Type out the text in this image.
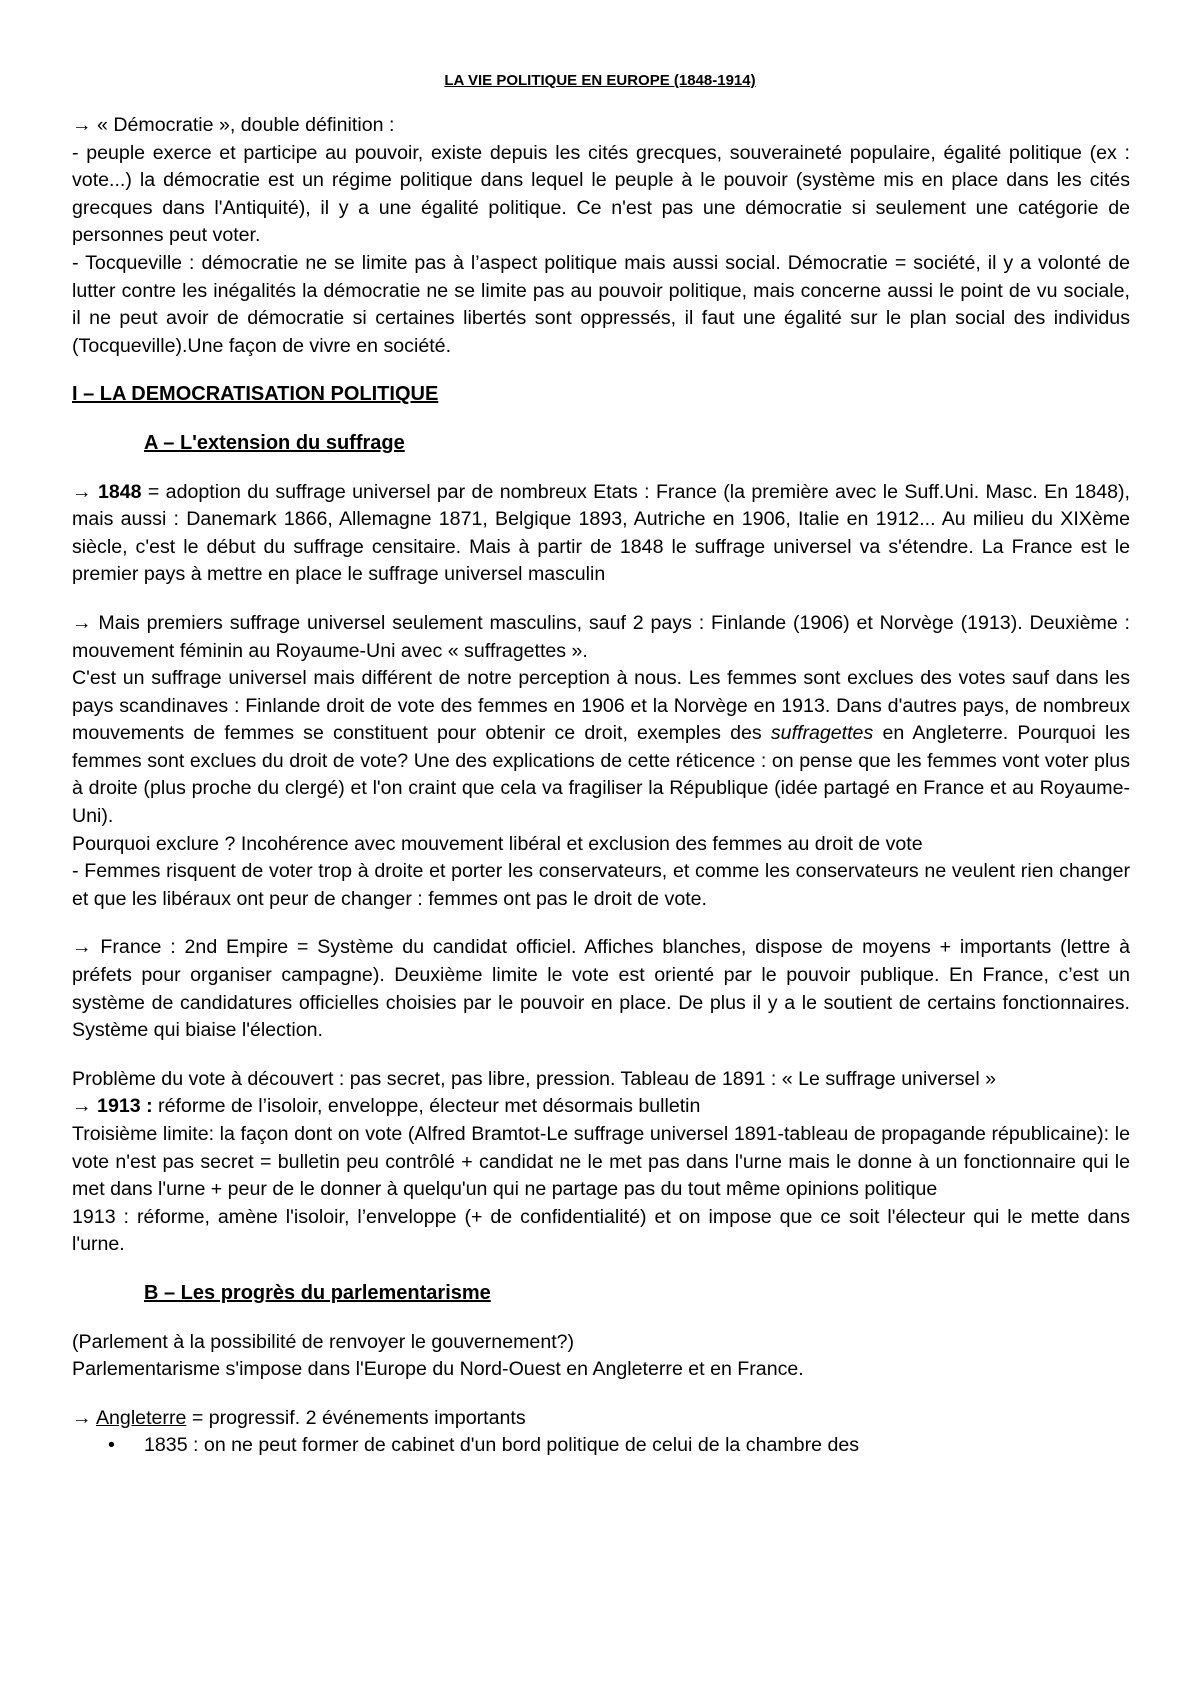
LA VIE POLITIQUE EN EUROPE (1848-1914)
→ « Démocratie », double définition :
- peuple exerce et participe au pouvoir, existe depuis les cités grecques, souveraineté populaire, égalité politique (ex : vote...) la démocratie est un régime politique dans lequel le peuple à le pouvoir (système mis en place dans les cités grecques dans l'Antiquité), il y a une égalité politique. Ce n'est pas une démocratie si seulement une catégorie de personnes peut voter.
- Tocqueville : démocratie ne se limite pas à l’aspect politique mais aussi social. Démocratie = société, il y a volonté de lutter contre les inégalités la démocratie ne se limite pas au pouvoir politique, mais concerne aussi le point de vu sociale, il ne peut avoir de démocratie si certaines libertés sont oppressés, il faut une égalité sur le plan social des individus (Tocqueville).Une façon de vivre en société.
I – LA DEMOCRATISATION POLITIQUE
A – L'extension du suffrage
→ 1848 = adoption du suffrage universel par de nombreux Etats : France (la première avec le Suff.Uni. Masc. En 1848), mais aussi : Danemark 1866, Allemagne 1871, Belgique 1893, Autriche en 1906, Italie en 1912... Au milieu du XIXème siècle, c'est le début du suffrage censitaire. Mais à partir de 1848 le suffrage universel va s'étendre. La France est le premier pays à mettre en place le suffrage universel masculin
→ Mais premiers suffrage universel seulement masculins, sauf 2 pays : Finlande (1906) et Norvège (1913). Deuxième : mouvement féminin au Royaume-Uni avec « suffragettes ».
C'est un suffrage universel mais différent de notre perception à nous. Les femmes sont exclues des votes sauf dans les pays scandinaves : Finlande droit de vote des femmes en 1906 et la Norvège en 1913. Dans d'autres pays, de nombreux mouvements de femmes se constituent pour obtenir ce droit, exemples des suffragettes en Angleterre. Pourquoi les femmes sont exclues du droit de vote? Une des explications de cette réticence : on pense que les femmes vont voter plus à droite (plus proche du clergé) et l'on craint que cela va fragiliser la République (idée partagé en France et au Royaume-Uni).
Pourquoi exclure ? Incohérence avec mouvement libéral et exclusion des femmes au droit de vote
- Femmes risquent de voter trop à droite et porter les conservateurs, et comme les conservateurs ne veulent rien changer et que les libéraux ont peur de changer : femmes ont pas le droit de vote.
→ France : 2nd Empire = Système du candidat officiel. Affiches blanches, dispose de moyens + importants (lettre à préfets pour organiser campagne). Deuxième limite le vote est orienté par le pouvoir publique. En France, c’est un système de candidatures officielles choisies par le pouvoir en place. De plus il y a le soutient de certains fonctionnaires. Système qui biaise l'élection.
Problème du vote à découvert : pas secret, pas libre, pression. Tableau de 1891 : « Le suffrage universel »
→ 1913 : réforme de l’isoloir, enveloppe, électeur met désormais bulletin
Troisième limite: la façon dont on vote (Alfred Bramtot-Le suffrage universel 1891-tableau de propagande républicaine): le vote n'est pas secret = bulletin peu contrôlé + candidat ne le met pas dans l'urne mais le donne à un fonctionnaire qui le met dans l'urne + peur de le donner à quelqu'un qui ne partage pas du tout même opinions politique
1913 : réforme, amène l'isoloir, l’enveloppe (+ de confidentialité) et on impose que ce soit l'électeur qui le mette dans l'urne.
B – Les progrès du parlementarisme
(Parlement à la possibilité de renvoyer le gouvernement?)
Parlementarisme s'impose dans l'Europe du Nord-Ouest en Angleterre et en France.
→ Angleterre = progressif. 2 événements importants
• 1835 : on ne peut former de cabinet d'un bord politique de celui de la chambre des
